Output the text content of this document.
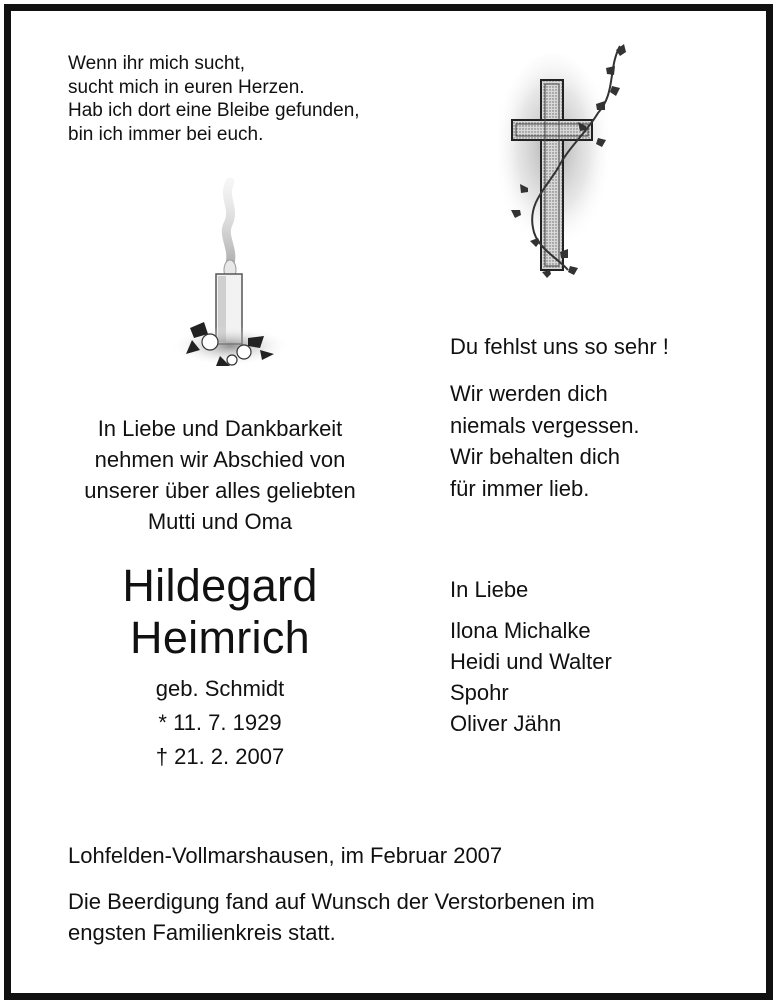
Wenn ihr mich sucht,
sucht mich in euren Herzen.
Hab ich dort eine Bleibe gefunden,
bin ich immer bei euch.
In Liebe und Dankbarkeit
nehmen wir Abschied von
unserer über alles geliebten
Mutti und Oma
Hildegard
Heimrich
geb. Schmidt
* 11. 7. 1929
† 21. 2. 2007
Du fehlst uns so sehr !
Wir werden dich
niemals vergessen.
Wir behalten dich
für immer lieb.
In Liebe
Ilona Michalke
Heidi und Walter
Spohr
Oliver Jähn
Lohfelden-Vollmarshausen, im Februar 2007
Die Beerdigung fand auf Wunsch der Verstorbenen im
engsten Familienkreis statt.
